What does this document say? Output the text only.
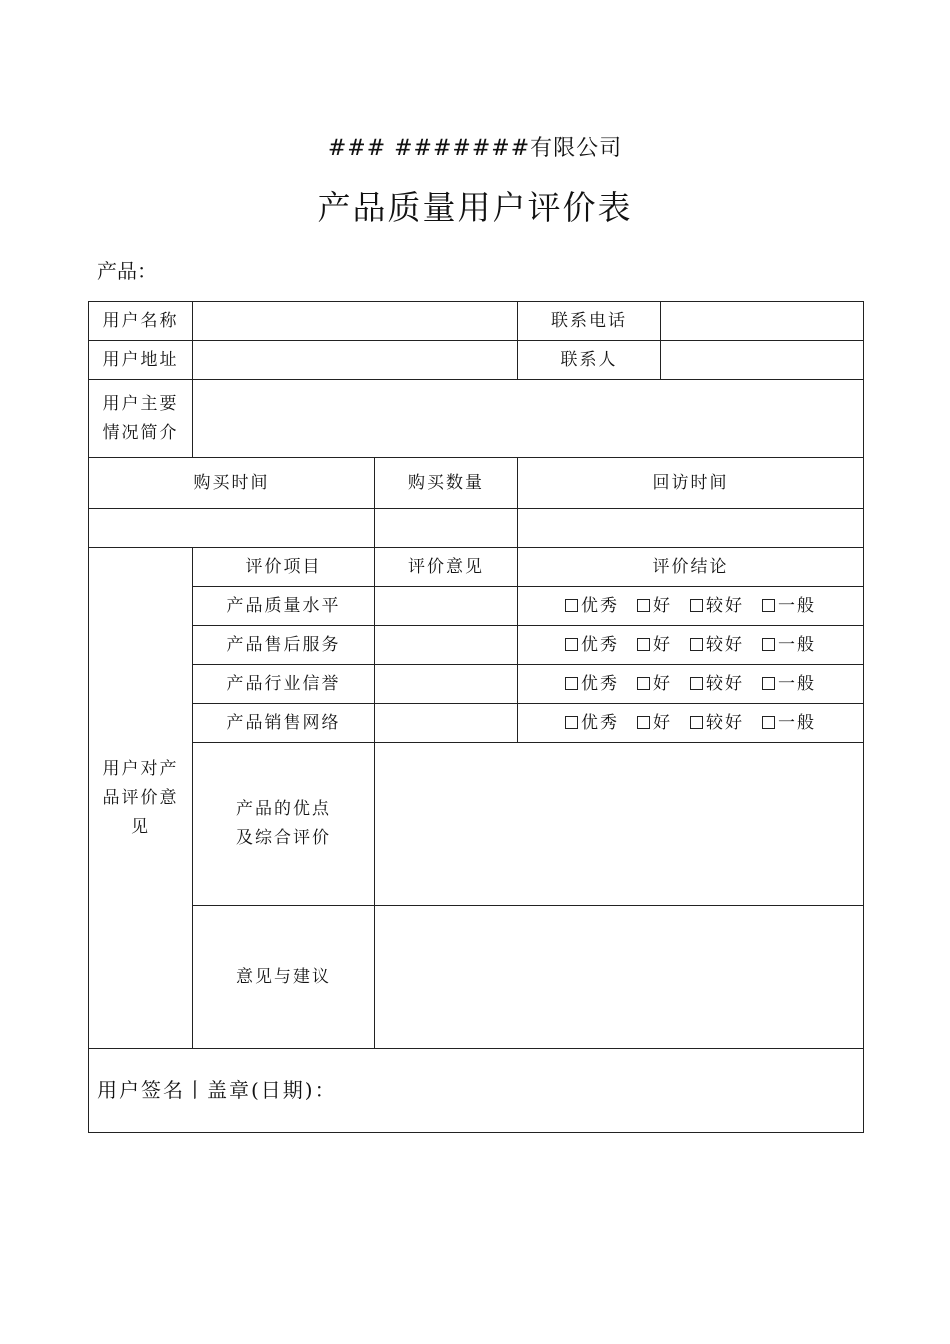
### #######有限公司
产品质量用户评价表
产品：
用户名称			联系电话	
用户地址			联系人	

用户主要
情况简介				

购买时间		购买数量	回访时间	

用户对产
品评价意
见	评价项目	评价意见	评价结论	
	产品质量水平		优秀 好 较好 一般	
	产品售后服务		优秀 好 较好 一般	
	产品行业信誉		优秀 好 较好 一般	
	产品销售网络		优秀 好 较好 一般	

	产品的优点
及综合评价			

	意见与建议			
用户签名丨盖章(日期)：				
